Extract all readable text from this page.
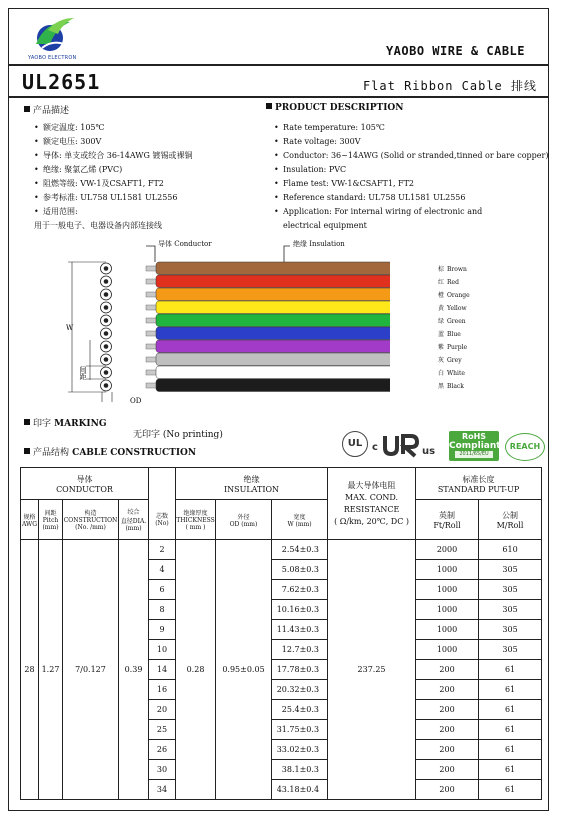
YAOBO ELECTRON	YAOBO WIRE & CABLE
UL2651	Flat Ribbon Cable 排线
产品描述
• 额定温度: 105℃
• 额定电压: 300V
• 导体: 单支或绞合 36-14AWG 镀锡或裸铜
• 绝缘: 聚氯乙烯 (PVC)
• 阻燃等级: VW-1及CSAFT1, FT2
• 参考标准: UL758 UL1581 UL2556
• 适用范围:
用于一般电子、电器设备内部连接线
PRODUCT DESCRIPTION
• Rate temperature: 105℃
• Rate voltage: 300V
• Conductor: 36~14AWG (Solid or stranded,tinned or bare copper)
• Insulation: PVC
• Flame test: VW-1&CSAFT1, FT2
• Reference standard: UL758 UL1581 UL2556
• Application: For internal wiring of electronic and
electrical equipment
导体 Conductor	绝缘 Insulation
W
间距
OD
印字 MARKING
无印字 (No printing)
产品结构 CABLE CONSTRUCTION
UL c	us
RoHS
Compliant
2011/65/EU
REACH
导体
CONDUCTOR					绝缘
INSULATION			最大导体电阻
MAX. COND.
RESISTANCE
( Ω/km, 20℃, DC )	标准长度
STANDARD PUT-UP	
规格
AWG	间距
Pitch
(mm)	构造
CONSTRUCTION
(No. /mm)	绞合
直径DIA.
(mm)	芯数
(No)	绝缘厚度
THICKNESS
( mm )	外径
OD (mm)	宽度
W (mm)		英制
Ft/Roll	公制
M/Roll
28	1.27	7/0.127	0.39	2	0.28	0.95±0.05	2.54±0.3	237.25	2000	610
				4			5.08±0.3		1000	305
				6			7.62±0.3		1000	305
				8			10.16±0.3		1000	305
				9			11.43±0.3		1000	305
				10			12.7±0.3		1000	305
				14			17.78±0.3		200	61
				16			20.32±0.3		200	61
				20			25.4±0.3		200	61
				25			31.75±0.3		200	61
				26			33.02±0.3		200	61
				30			38.1±0.3		200	61
				34			43.18±0.4		200	61
棕 Brown
红 Red
橙 Orange
黄 Yellow
绿 Green
蓝 Blue
紫 Purple
灰 Grey
白 White
黑 Black
